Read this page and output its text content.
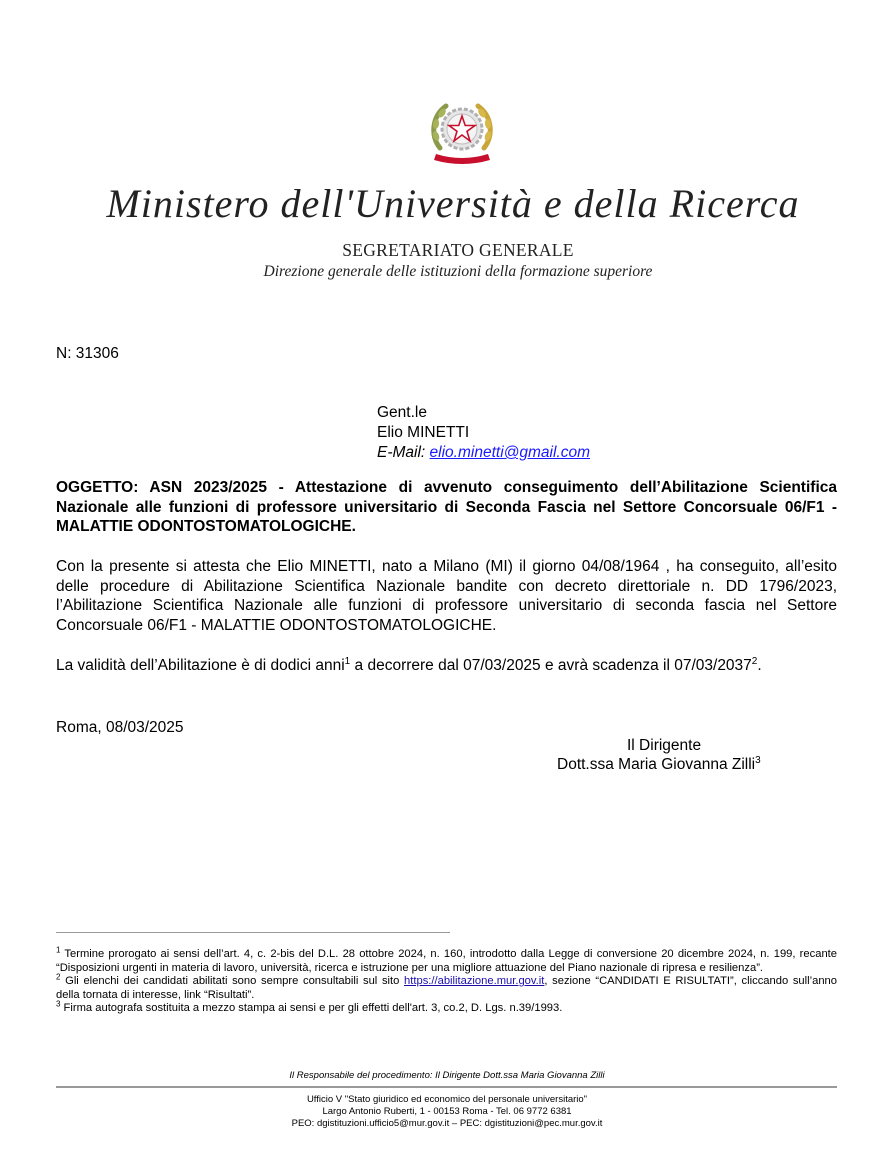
Ministero dell'Università e della Ricerca
SEGRETARIATO GENERALE
Direzione generale delle istituzioni della formazione superiore
N: 31306
Gent.le
Elio MINETTI
E-Mail: elio.minetti@gmail.com
OGGETTO: ASN 2023/2025 - Attestazione di avvenuto conseguimento dell’Abilitazione Scientifica Nazionale alle funzioni di professore universitario di Seconda Fascia nel Settore Concorsuale 06/F1 - MALATTIE ODONTOSTOMATOLOGICHE.
Con la presente si attesta che Elio MINETTI, nato a Milano (MI) il giorno 04/08/1964 , ha conseguito, all’esito delle procedure di Abilitazione Scientifica Nazionale bandite con decreto direttoriale n. DD 1796/2023, l’Abilitazione Scientifica Nazionale alle funzioni di professore universitario di seconda fascia nel Settore Concorsuale 06/F1 - MALATTIE ODONTOSTOMATOLOGICHE.
La validità dell’Abilitazione è di dodici anni$^1$ a decorrere dal 07/03/2025 e avrà scadenza il 07/03/2037$^2$.
Roma, 08/03/2025
Il Dirigente
Dott.ssa Maria Giovanna Zilli$^3$

$^1$ Termine prorogato ai sensi dell’art. 4, c. 2-bis del D.L. 28 ottobre 2024, n. 160, introdotto dalla Legge di conversione 20 dicembre 2024, n. 199, recante “Disposizioni urgenti in materia di lavoro, università, ricerca e istruzione per una migliore attuazione del Piano nazionale di ripresa e resilienza”.

$^2$ Gli elenchi dei candidati abilitati sono sempre consultabili sul sito https://abilitazione.mur.gov.it, sezione “CANDIDATI E RISULTATI”, cliccando sull’anno della tornata di interesse, link “Risultati”.

$^3$ Firma autografa sostituita a mezzo stampa ai sensi e per gli effetti dell'art. 3, co.2, D. Lgs. n.39/1993.

Il Responsabile del procedimento: Il Dirigente Dott.ssa Maria Giovanna Zilli
Ufficio V "Stato giuridico ed economico del personale universitario"
Largo Antonio Ruberti, 1 - 00153 Roma - Tel. 06 9772 6381
PEO: dgistituzioni.ufficio5@mur.gov.it – PEC: dgistituzioni@pec.mur.gov.it
